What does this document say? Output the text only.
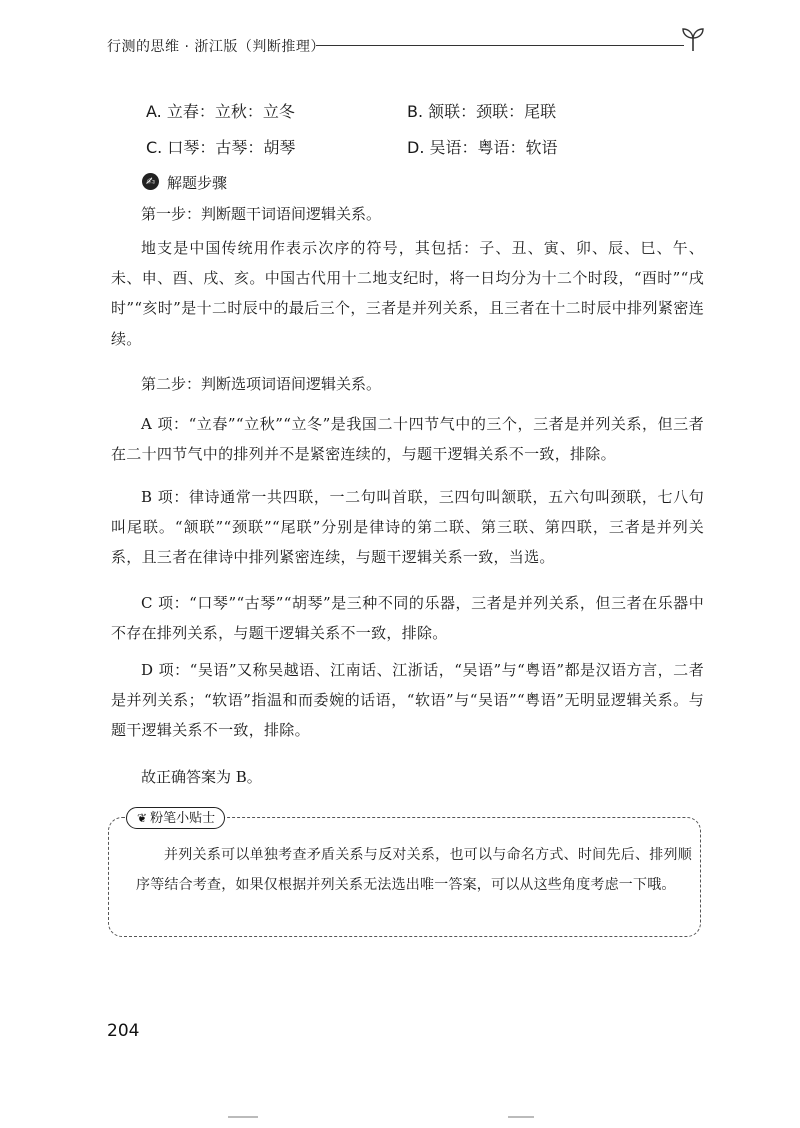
行测的思维 · 浙江版（判断推理）
A. 立春：立秋：立冬	B. 颔联：颈联：尾联
C. 口琴：古琴：胡琴	D. 吴语：粤语：软语
✍ 解题步骤
第一步：判断题干词语间逻辑关系。
地支是中国传统用作表示次序的符号，其包括：子、丑、寅、卯、辰、巳、午、未、申、酉、戌、亥。中国古代用十二地支纪时，将一日均分为十二个时段，“酉时”“戌时”“亥时”是十二时辰中的最后三个，三者是并列关系，且三者在十二时辰中排列紧密连续。
第二步：判断选项词语间逻辑关系。
A 项：“立春”“立秋”“立冬”是我国二十四节气中的三个，三者是并列关系，但三者在二十四节气中的排列并不是紧密连续的，与题干逻辑关系不一致，排除。
B 项：律诗通常一共四联，一二句叫首联，三四句叫颔联，五六句叫颈联，七八句叫尾联。“颔联”“颈联”“尾联”分别是律诗的第二联、第三联、第四联，三者是并列关系，且三者在律诗中排列紧密连续，与题干逻辑关系一致，当选。
C 项：“口琴”“古琴”“胡琴”是三种不同的乐器，三者是并列关系，但三者在乐器中不存在排列关系，与题干逻辑关系不一致，排除。
D 项：“吴语”又称吴越语、江南话、江浙话，“吴语”与“粤语”都是汉语方言，二者是并列关系；“软语”指温和而委婉的话语，“软语”与“吴语”“粤语”无明显逻辑关系。与题干逻辑关系不一致，排除。
故正确答案为 B。
❦ 粉笔小贴士
并列关系可以单独考查矛盾关系与反对关系，也可以与命名方式、时间先后、排列顺序等结合考查，如果仅根据并列关系无法选出唯一答案，可以从这些角度考虑一下哦。
204
